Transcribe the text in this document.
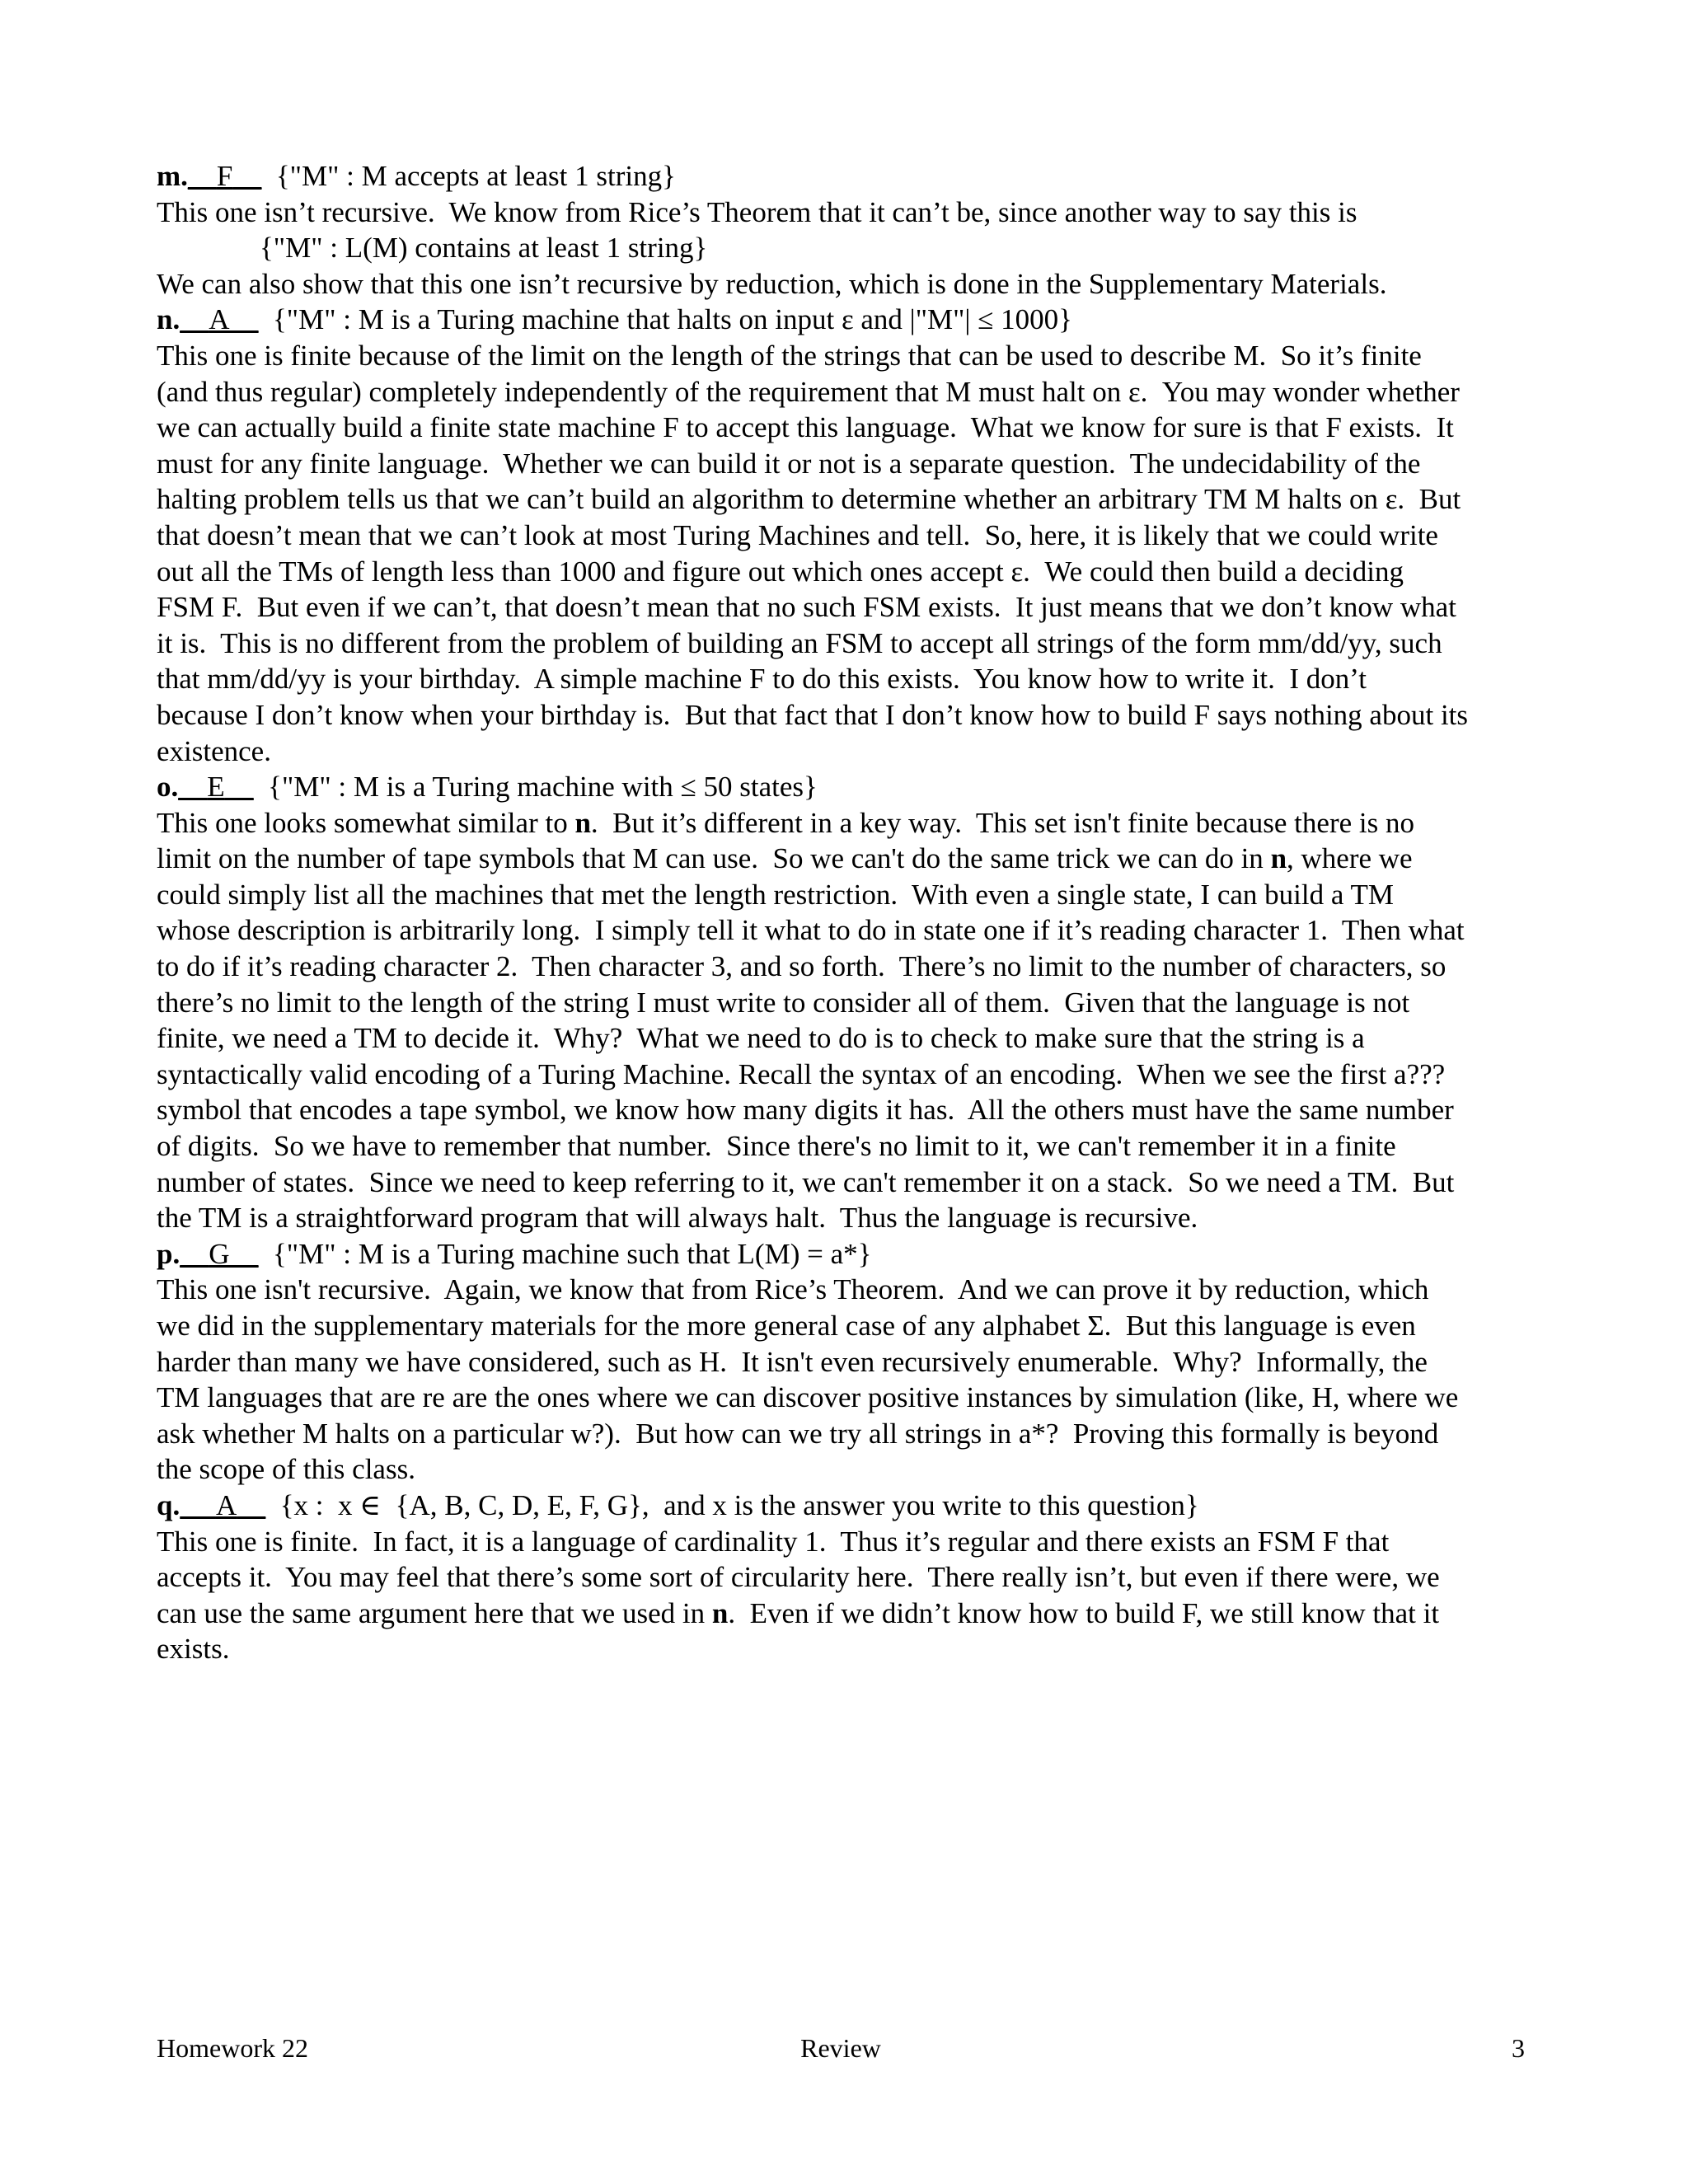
m.__F__ {"M" : M accepts at least 1 string}
This one isn’t recursive.  We know from Rice’s Theorem that it can’t be, since another way to say this is
{"M" : L(M) contains at least 1 string}
We can also show that this one isn’t recursive by reduction, which is done in the Supplementary Materials.
n.__A__ {"M" : M is a Turing machine that halts on input ε and |"M"| ≤ 1000}
This one is finite because of the limit on the length of the strings that can be used to describe M.  So it’s finite
(and thus regular) completely independently of the requirement that M must halt on ε.  You may wonder whether
we can actually build a finite state machine F to accept this language.  What we know for sure is that F exists.  It
must for any finite language.  Whether we can build it or not is a separate question.  The undecidability of the
halting problem tells us that we can’t build an algorithm to determine whether an arbitrary TM M halts on ε.  But
that doesn’t mean that we can’t look at most Turing Machines and tell.  So, here, it is likely that we could write
out all the TMs of length less than 1000 and figure out which ones accept ε.  We could then build a deciding
FSM F.  But even if we can’t, that doesn’t mean that no such FSM exists.  It just means that we don’t know what
it is.  This is no different from the problem of building an FSM to accept all strings of the form mm/dd/yy, such
that mm/dd/yy is your birthday.  A simple machine F to do this exists.  You know how to write it.  I don’t
because I don’t know when your birthday is.  But that fact that I don’t know how to build F says nothing about its
existence.
o.__E__ {"M" : M is a Turing machine with ≤ 50 states}
This one looks somewhat similar to n.  But it’s different in a key way.  This set isn't finite because there is no
limit on the number of tape symbols that M can use.  So we can't do the same trick we can do in n, where we
could simply list all the machines that met the length restriction.  With even a single state, I can build a TM
whose description is arbitrarily long.  I simply tell it what to do in state one if it’s reading character 1.  Then what
to do if it’s reading character 2.  Then character 3, and so forth.  There’s no limit to the number of characters, so
there’s no limit to the length of the string I must write to consider all of them.  Given that the language is not
finite, we need a TM to decide it.  Why?  What we need to do is to check to make sure that the string is a
syntactically valid encoding of a Turing Machine. Recall the syntax of an encoding.  When we see the first a???
symbol that encodes a tape symbol, we know how many digits it has.  All the others must have the same number
of digits.  So we have to remember that number.  Since there's no limit to it, we can't remember it in a finite
number of states.  Since we need to keep referring to it, we can't remember it on a stack.  So we need a TM.  But
the TM is a straightforward program that will always halt.  Thus the language is recursive.
p.__G__ {"M" : M is a Turing machine such that L(M) = a*}
This one isn't recursive.  Again, we know that from Rice’s Theorem.  And we can prove it by reduction, which
we did in the supplementary materials for the more general case of any alphabet Σ.  But this language is even
harder than many we have considered, such as H.  It isn't even recursively enumerable.  Why?  Informally, the
TM languages that are re are the ones where we can discover positive instances by simulation (like, H, where we
ask whether M halts on a particular w?).  But how can we try all strings in a*?  Proving this formally is beyond
the scope of this class.
q. __A__ {x :  x ∈  {A, B, C, D, E, F, G},  and x is the answer you write to this question}
This one is finite.  In fact, it is a language of cardinality 1.  Thus it’s regular and there exists an FSM F that
accepts it.  You may feel that there’s some sort of circularity here.  There really isn’t, but even if there were, we
can use the same argument here that we used in n.  Even if we didn’t know how to build F, we still know that it
exists.
Homework 22	Review	3
